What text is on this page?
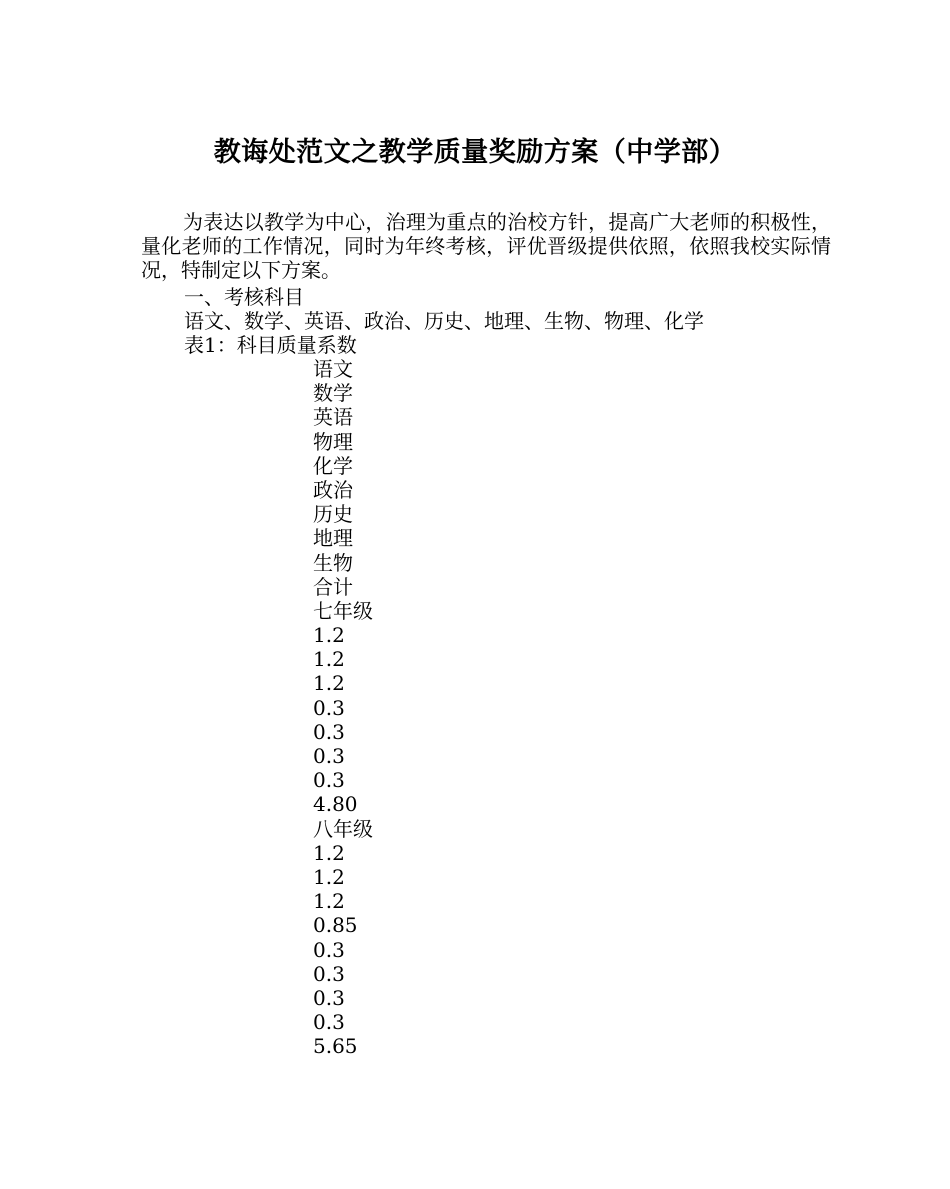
教诲处范文之教学质量奖励方案（中学部）

为表达以教学为中心，治理为重点的治校方针，提高广大老师的积极性，量化老师的工作情况，同时为年终考核，评优晋级提供依照，依照我校实际情况，特制定以下方案。

一、考核科目

语文、数学、英语、政治、历史、地理、生物、物理、化学

表1：科目质量系数

语文
数学
英语
物理
化学
政治
历史
地理
生物
合计
七年级
1.2
1.2
1.2
0.3
0.3
0.3
0.3
4.80
八年级
1.2
1.2
1.2
0.85
0.3
0.3
0.3
0.3
5.65
